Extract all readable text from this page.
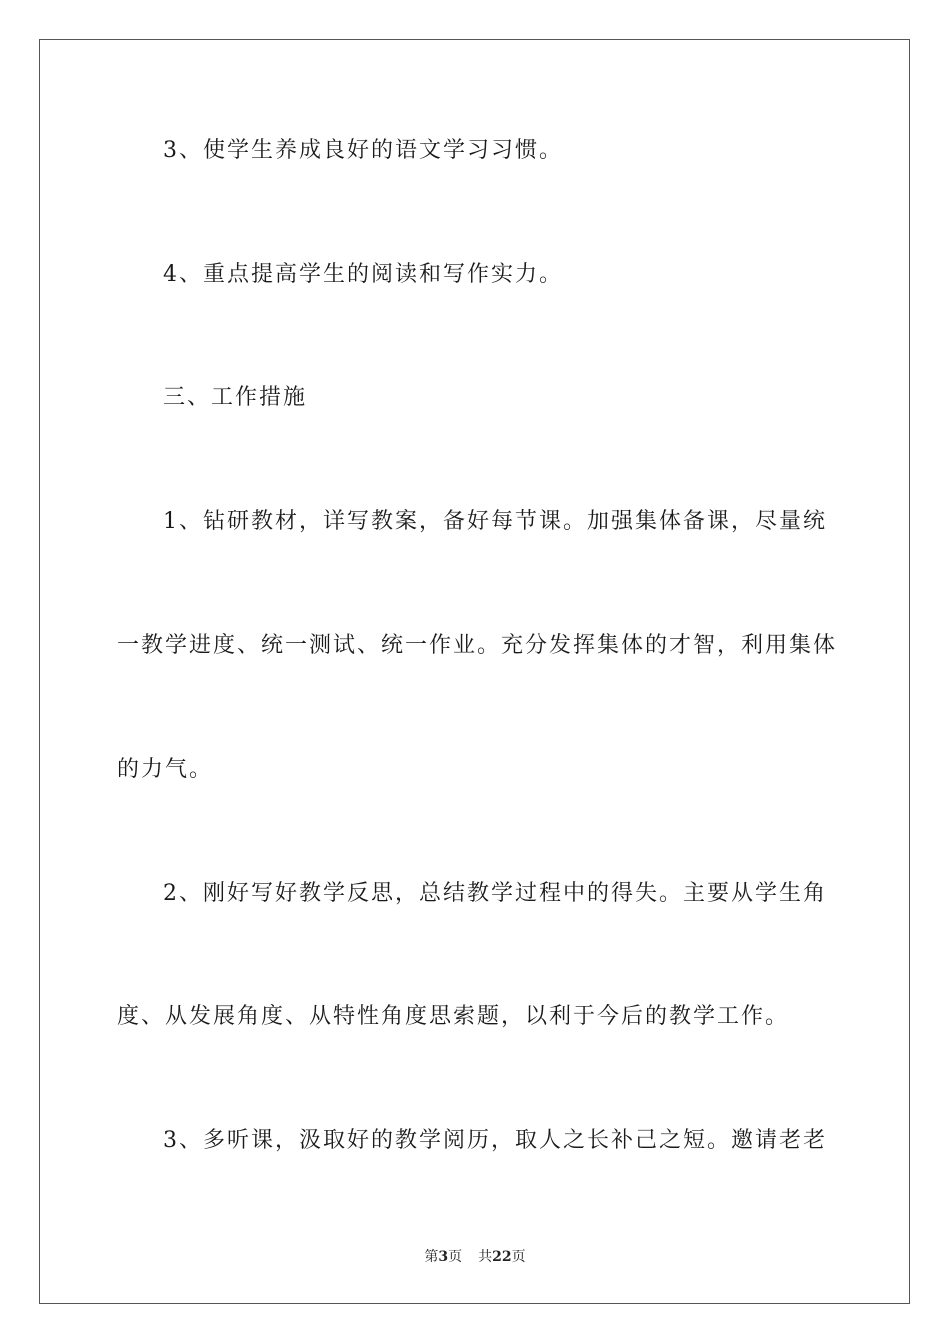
3、使学生养成良好的语文学习习惯。
4、重点提高学生的阅读和写作实力。
三、工作措施
1、钻研教材，详写教案，备好每节课。加强集体备课，尽量统
一教学进度、统一测试、统一作业。充分发挥集体的才智，利用集体
的力气。
2、刚好写好教学反思，总结教学过程中的得失。主要从学生角
度、从发展角度、从特性角度思索题，以利于今后的教学工作。
3、多听课，汲取好的教学阅历，取人之长补己之短。邀请老老
第3页 共22页
